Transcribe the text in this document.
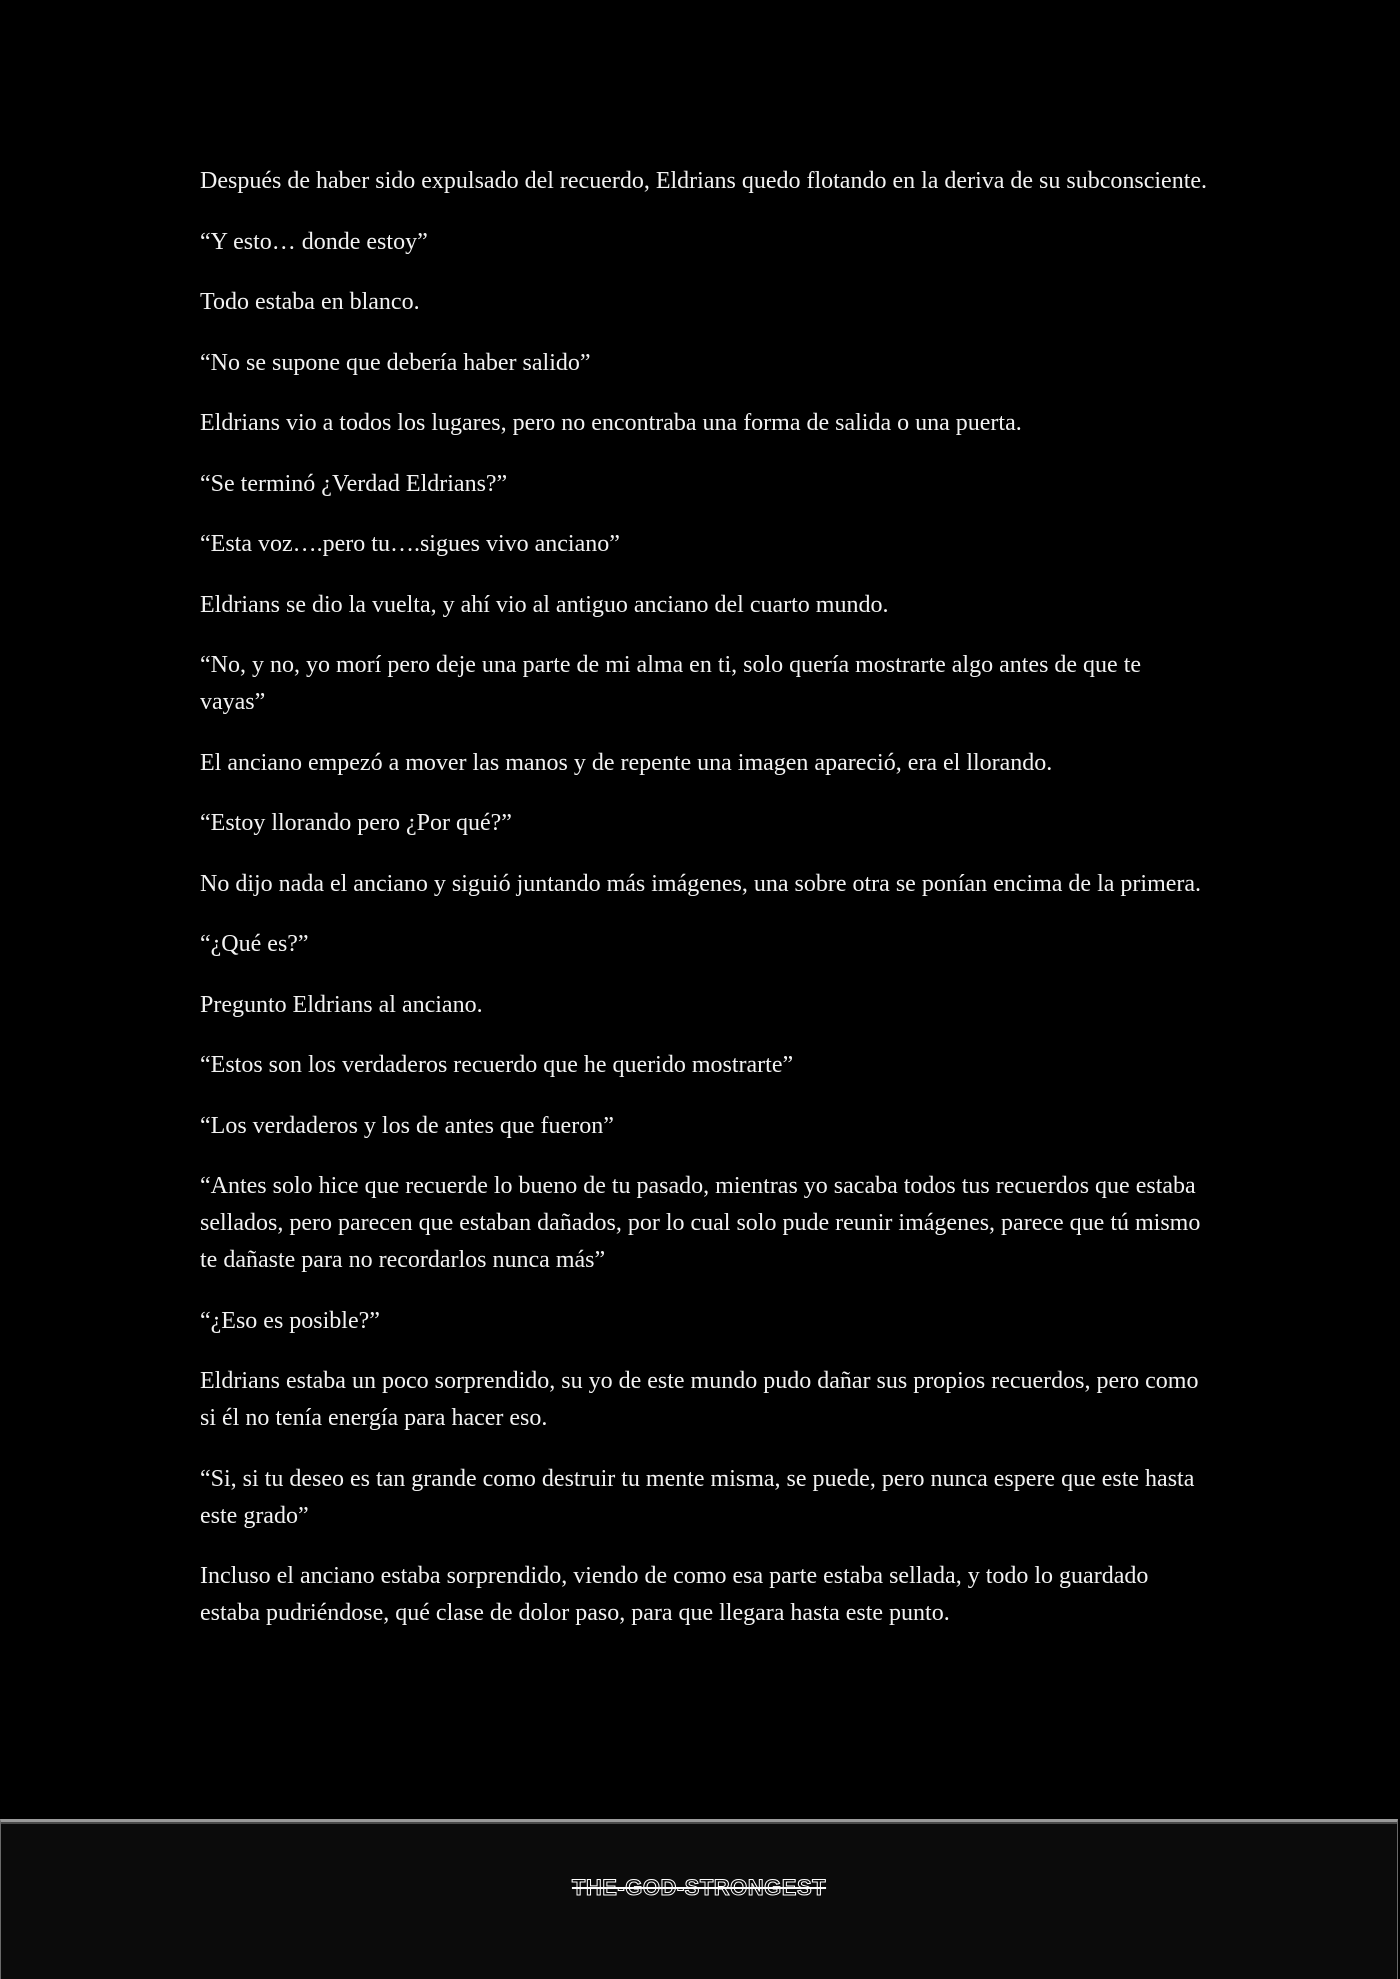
Después de haber sido expulsado del recuerdo, Eldrians quedo flotando en la deriva de su subconsciente.

“Y esto… donde estoy”

Todo estaba en blanco.

“No se supone que debería haber salido”

Eldrians vio a todos los lugares, pero no encontraba una forma de salida o una puerta.

“Se terminó ¿Verdad Eldrians?”

“Esta voz….pero tu….sigues vivo anciano”

Eldrians se dio la vuelta, y ahí vio al antiguo anciano del cuarto mundo.

“No, y no, yo morí pero deje una parte de mi alma en ti, solo quería mostrarte algo antes de que te vayas”

El anciano empezó a mover las manos y de repente una imagen apareció, era el llorando.

“Estoy llorando pero ¿Por qué?”

No dijo nada el anciano y siguió juntando más imágenes, una sobre otra se ponían encima de la primera.

“¿Qué es?”

Pregunto Eldrians al anciano.

“Estos son los verdaderos recuerdo que he querido mostrarte”

“Los verdaderos y los de antes que fueron”

“Antes solo hice que recuerde lo bueno de tu pasado, mientras yo sacaba todos tus recuerdos que estaba sellados, pero parecen que estaban dañados, por lo cual solo pude reunir imágenes, parece que tú mismo te dañaste para no recordarlos nunca más”

“¿Eso es posible?”

Eldrians estaba un poco sorprendido, su yo de este mundo pudo dañar sus propios recuerdos, pero como si él no tenía energía para hacer eso.

“Si, si tu deseo es tan grande como destruir tu mente misma, se puede, pero nunca espere que este hasta este grado”

Incluso el anciano estaba sorprendido, viendo de como esa parte estaba sellada, y todo lo guardado estaba pudriéndose, qué clase de dolor paso, para que llegara hasta este punto.

THE-GOD-STRONGEST
